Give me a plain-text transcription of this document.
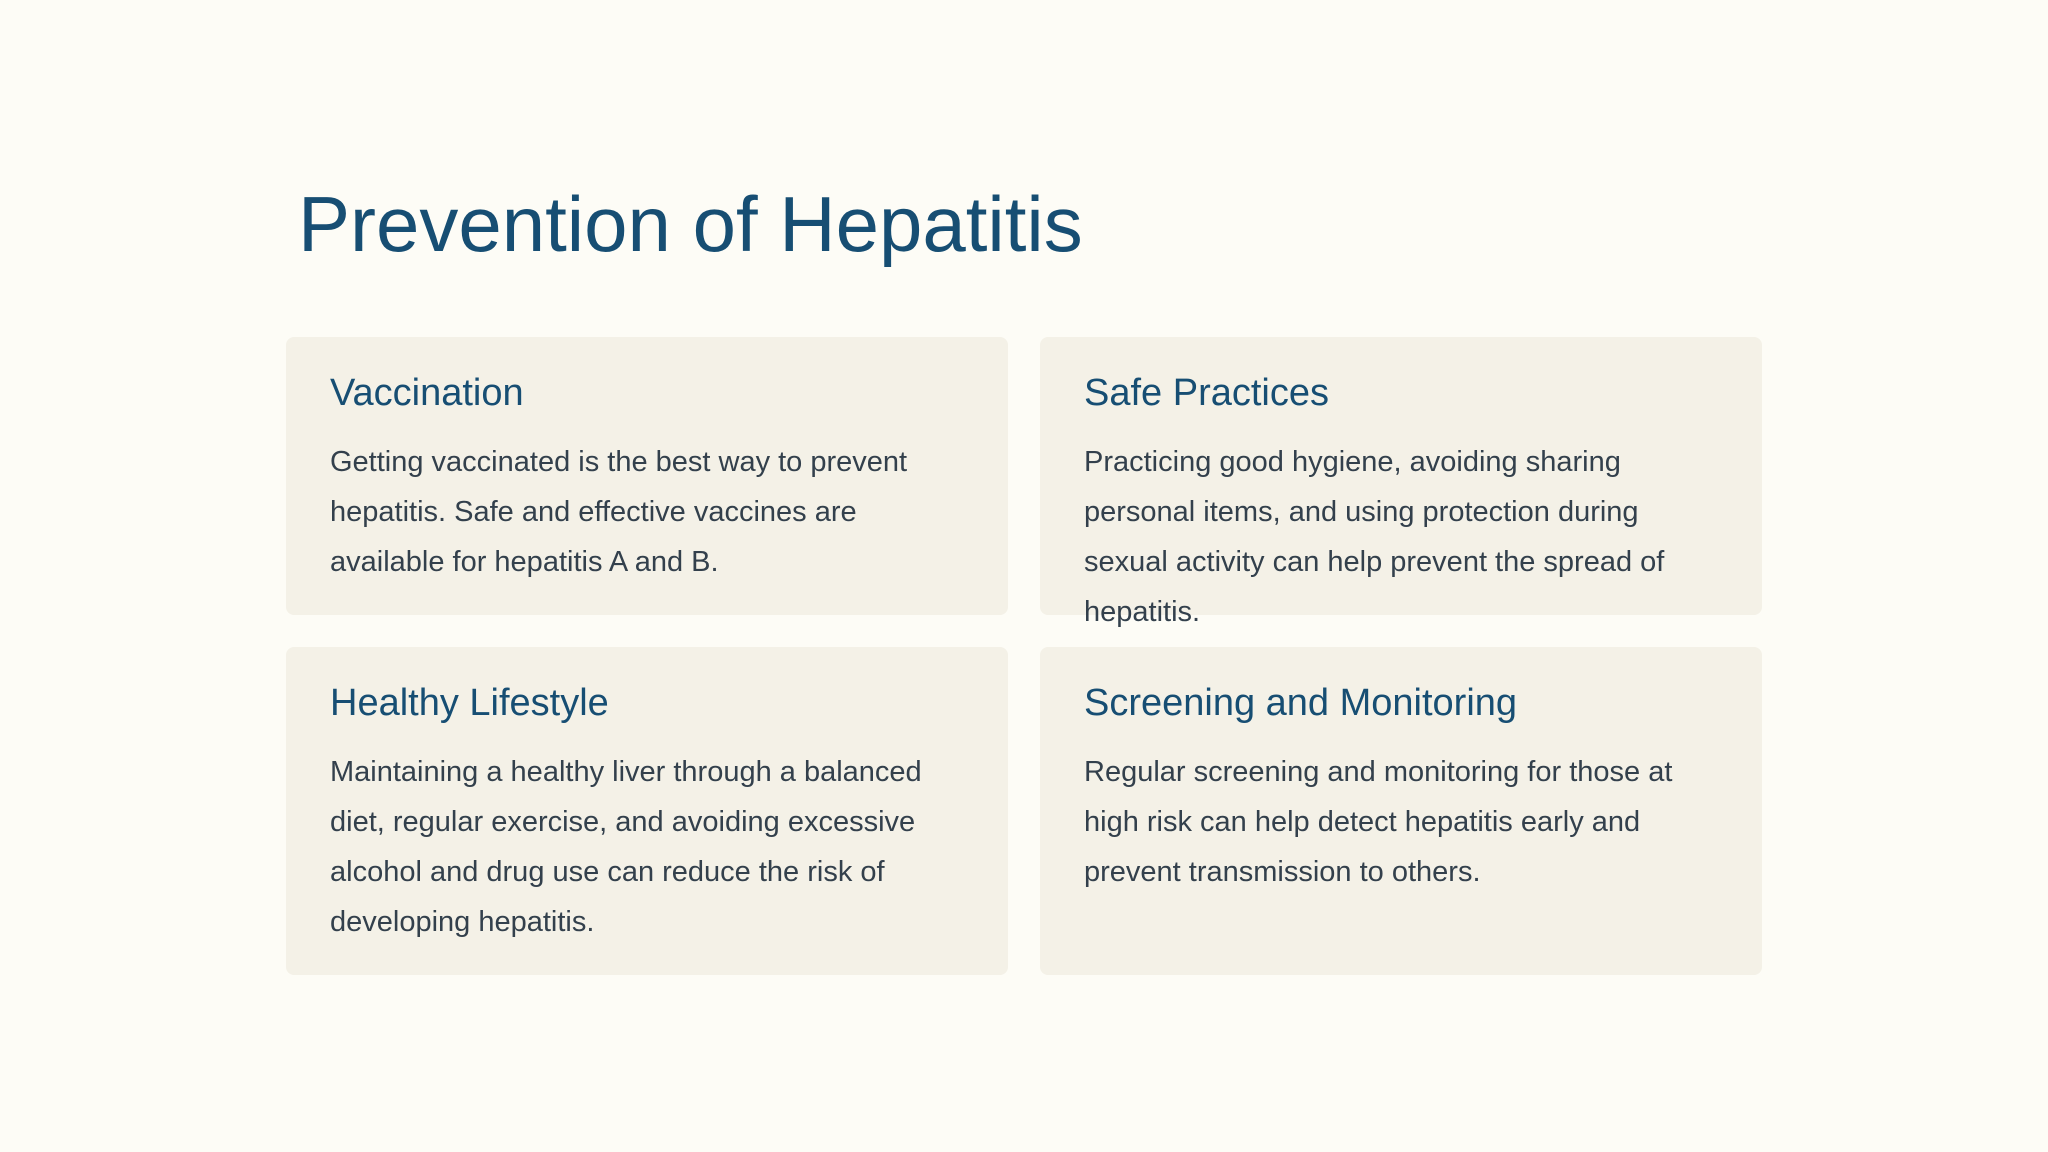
Prevention of Hepatitis
Vaccination

Getting vaccinated is the best way to prevent hepatitis. Safe and effective vaccines are available for hepatitis A and B.

Safe Practices

Practicing good hygiene, avoiding sharing personal items, and using protection during sexual activity can help prevent the spread of hepatitis.

Healthy Lifestyle

Maintaining a healthy liver through a balanced diet, regular exercise, and avoiding excessive alcohol and drug use can reduce the risk of developing hepatitis.

Screening and Monitoring

Regular screening and monitoring for those at high risk can help detect hepatitis early and prevent transmission to others.
